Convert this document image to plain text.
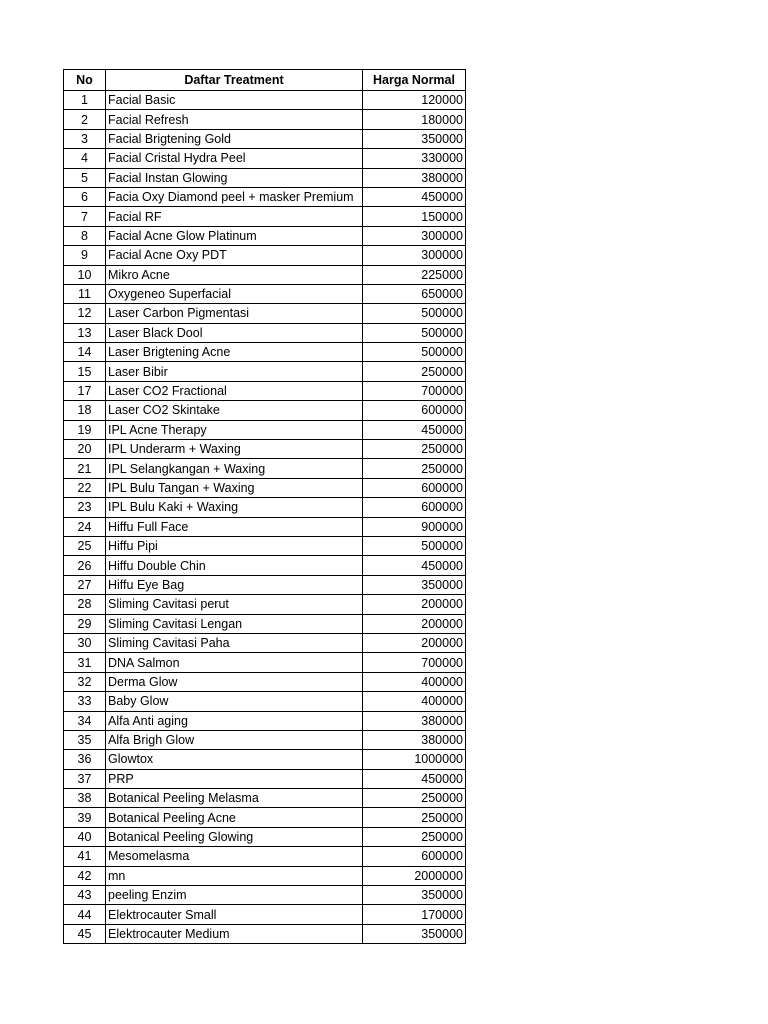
No	Daftar Treatment	Harga Normal
1	Facial Basic	120000
2	Facial Refresh	180000
3	Facial Brigtening Gold	350000
4	Facial Cristal Hydra Peel	330000
5	Facial Instan Glowing	380000
6	Facia Oxy Diamond peel + masker Premium	450000
7	Facial RF	150000
8	Facial Acne Glow Platinum	300000
9	Facial Acne Oxy PDT	300000
10	Mikro Acne	225000
11	Oxygeneo Superfacial	650000
12	Laser Carbon Pigmentasi	500000
13	Laser Black Dool	500000
14	Laser Brigtening Acne	500000
15	Laser Bibir	250000
17	Laser CO2 Fractional	700000
18	Laser CO2 Skintake	600000
19	IPL Acne Therapy	450000
20	IPL Underarm + Waxing	250000
21	IPL Selangkangan + Waxing	250000
22	IPL Bulu Tangan + Waxing	600000
23	IPL Bulu Kaki + Waxing	600000
24	Hiffu Full Face	900000
25	Hiffu Pipi	500000
26	Hiffu Double Chin	450000
27	Hiffu Eye Bag	350000
28	Sliming Cavitasi perut	200000
29	Sliming Cavitasi Lengan	200000
30	Sliming Cavitasi Paha	200000
31	DNA Salmon	700000
32	Derma Glow	400000
33	Baby Glow	400000
34	Alfa Anti aging	380000
35	Alfa Brigh Glow	380000
36	Glowtox	1000000
37	PRP	450000
38	Botanical Peeling Melasma	250000
39	Botanical Peeling Acne	250000
40	Botanical Peeling Glowing	250000
41	Mesomelasma	600000
42	mn	2000000
43	peeling Enzim	350000
44	Elektrocauter Small	170000
45	Elektrocauter Medium	350000
